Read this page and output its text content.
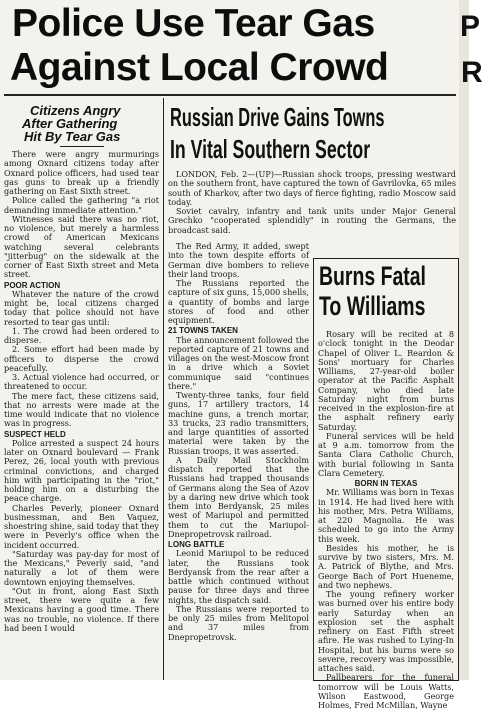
P
R
Police Use Tear Gas
Against Local Crowd
Citizens Angry
After Gathering
Hit By Tear Gas

There were angry murmurings among Oxnard citizens today after Oxnard police officers, had used tear gas guns to break up a friendly gathering on East Sixth street.

Police called the gathering "a riot demanding immediate attention."

Witnesses said there was no riot, no violence, but merely a harmless crowd of American Mexicans watching several celebrants "jitterbug" on the sidewalk at the corner of East Sixth street and Meta street.

POOR ACTION

Whatever the nature of the crowd might be, local citizens charged today that police should not have resorted to tear gas until:

1. The crowd had been ordered to disperse.

2. Some effort had been made by officers to disperse the crowd peacefully.

3. Actual violence had occurred, or threatened to occur.

The mere fact, these citizens said, that no arrests were made at the time would indicate that no violence was in progress.

SUSPECT HELD

Police arrested a suspect 24 hours later on Oxnard boulevard — Frank Perez, 26, local youth with previous criminal convictions, and charged him with participating in the "riot," holding him on a disturbing the peace charge.

Charles Peverly, pioneer Oxnard businessman, and Ben Vaquez, shoestring shine, said today that they were in Peverly's office when the incident occurred.

"Saturday was pay-day for most of the Mexicans," Peverly said, "and naturally a lot of them were downtown enjoying themselves.

"Out in front, along East Sixth street, there were quite a few Mexicans having a good time. There was no trouble, no violence. If there had been I would

Russian Drive Gains Towns
In Vital Southern Sector

LONDON, Feb. 2—(UP)—Russian shock troops, pressing westward on the southern front, have captured the town of Gavrilovka, 65 miles south of Kharkov, after two days of fierce fighting, radio Moscow said today.

Soviet cavalry, infantry and tank units under Major General Grechko "cooperated splendidly" in routing the Germans, the broadcast said.

The Red Army, it added, swept into the town despite efforts of German dive bombers to relieve their land troops.

The Russians reported the capture of six guns, 15,000 shells, a quantity of bombs and large stores of food and other equipment.

21 TOWNS TAKEN

The announcement followed the reported capture of 21 towns and villages on the west-Moscow front in a drive which a Soviet communique said "continues there."

Twenty-three tanks, four field guns, 17 artillery tractors, 14 machine guns, a trench mortar, 33 trucks, 23 radio transmitters, and large quantities of assorted material were taken by the Russian troops, it was asserted.

A Daily Mail Stockholm dispatch reported that the Russians had trapped thousands of Germans along the Sea of Azov by a daring new drive which took them into Berdyansk, 25 miles west of Mariupol and permitted them to cut the Mariupol-Dnepropetrovsk railroad.

LONG BATTLE

Leonid Mariupol to be reduced later, the Russians took Berdyansk from the rear after a battle which continued without pause for three days and three nights, the dispatch said.

The Russians were reported to be only 25 miles from Melitopol and 37 miles from Dnepropetrovsk.

Burns Fatal
To Williams

Rosary will be recited at 8 o'clock tonight in the Deodar Chapel of Oliver L. Reardon & Sons' mortuary for Charles Williams, 27-year-old boiler operator at the Pacific Asphalt Company, who died late Saturday night from burns received in the explosion-fire at the asphalt refinery early Saturday.

Funeral services will be held at 9 a.m. tomorrow from the Santa Clara Catholic Church, with burial following in Santa Clara Cemetery.

BORN IN TEXAS

Mr. Williams was born in Texas in 1914. He had lived here with his mother, Mrs. Petra Williams, at 220 Magnolia. He was scheduled to go into the Army this week.

Besides his mother, he is survive by two sisters, Mrs. M. A. Patrick of Blythe, and Mrs. George Bach of Port Hueneme, and two nephews.

The young refinery worker was burned over his entire body early Saturday when an explosion set the asphalt refinery on East Fifth street afire. He was rushed to Lying-In Hospital, but his burns were so severe, recovery was impossible, attaches said.

Pallbearers for the funeral tomorrow will be Louis Watts, Wilson Eastwood, George Holmes, Fred McMillan, Wayne
